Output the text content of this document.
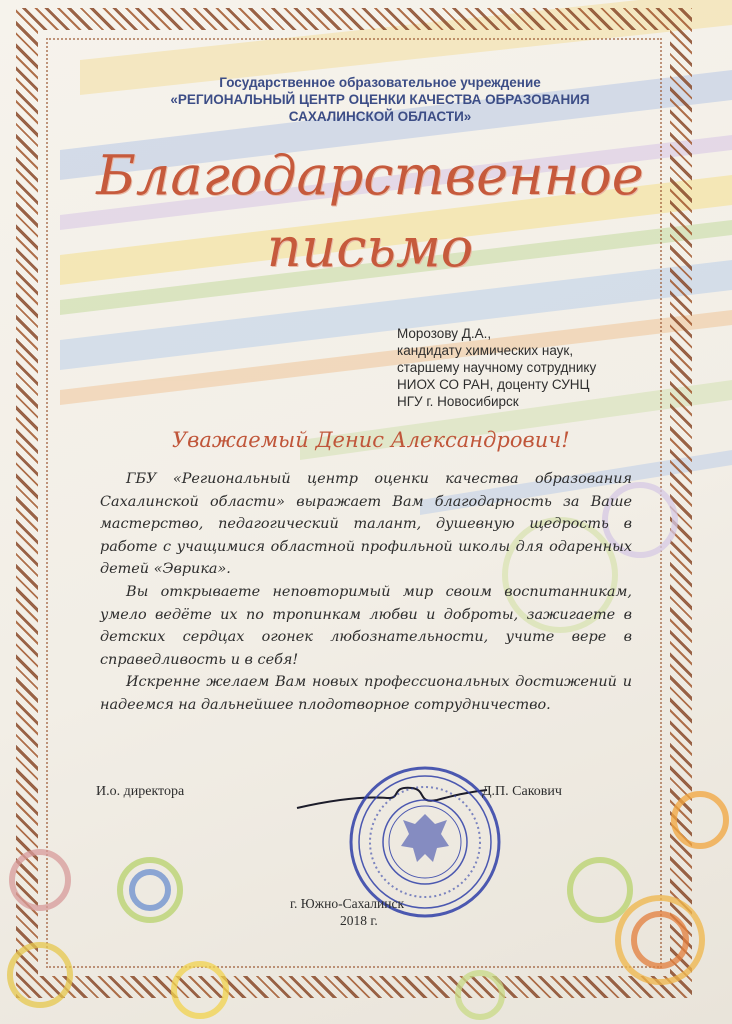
Государственное образовательное учреждение
«РЕГИОНАЛЬНЫЙ ЦЕНТР ОЦЕНКИ КАЧЕСТВА ОБРАЗОВАНИЯ
САХАЛИНСКОЙ ОБЛАСТИ»
Благодарственное
письмо
Морозову Д.А.,
кандидату химических наук,
старшему научному сотруднику
НИОХ СО РАН, доценту СУНЦ
НГУ г. Новосибирск
Уважаемый Денис Александрович!

ГБУ «Региональный центр оценки качества образования Сахалинской области» выражает Вам благодарность за Ваше мастерство, педагогический талант, душевную щедрость в работе с учащимися областной профильной школы для одаренных детей «Эврика».

Вы открываете неповторимый мир своим воспитанникам, умело ведёте их по тропинкам любви и доброты, зажигаете в детских сердцах огонек любознательности, учите вере в справедливость и в себя!

Искренне желаем Вам новых профессиональных достижений и надеемся на дальнейшее плодотворное сотрудничество.

И.о. директора	Д.П. Сакович
г. Южно-Сахалинск
2018 г.
